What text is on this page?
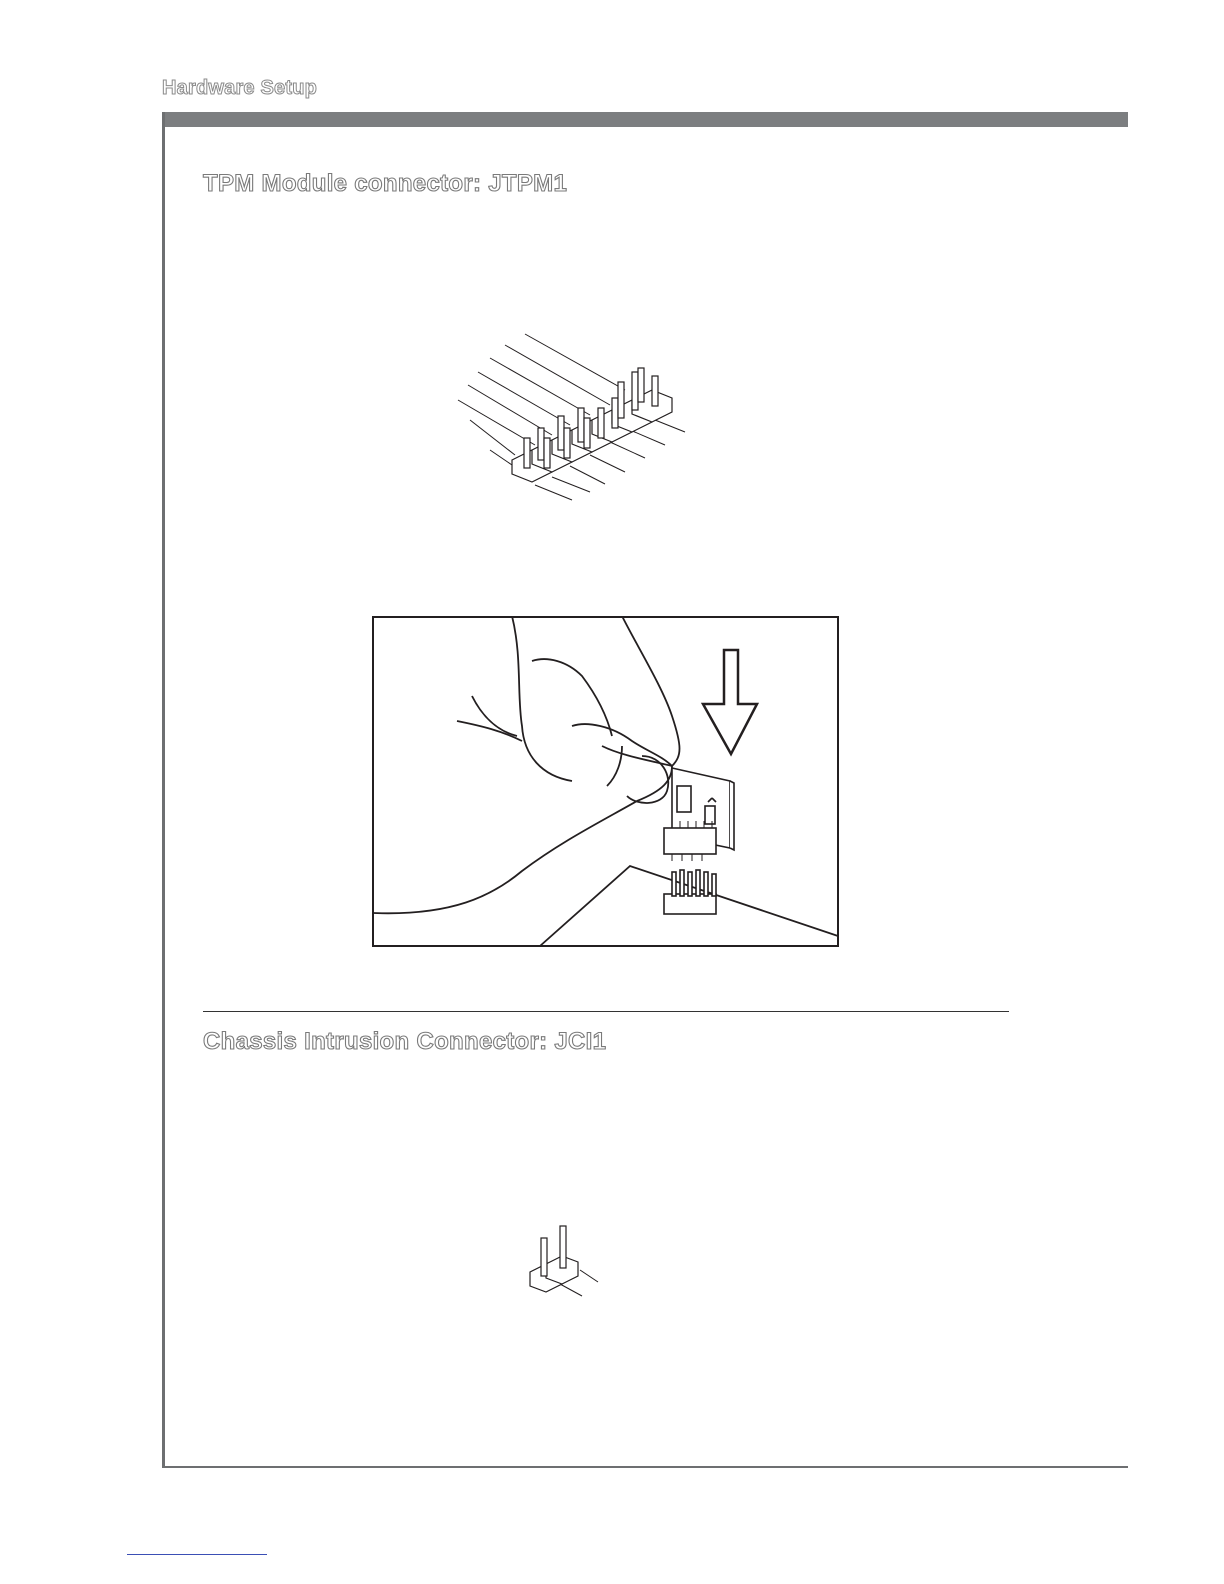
Hardware Setup
TPM Module connector: JTPM1
Chassis Intrusion Connector: JCI1
